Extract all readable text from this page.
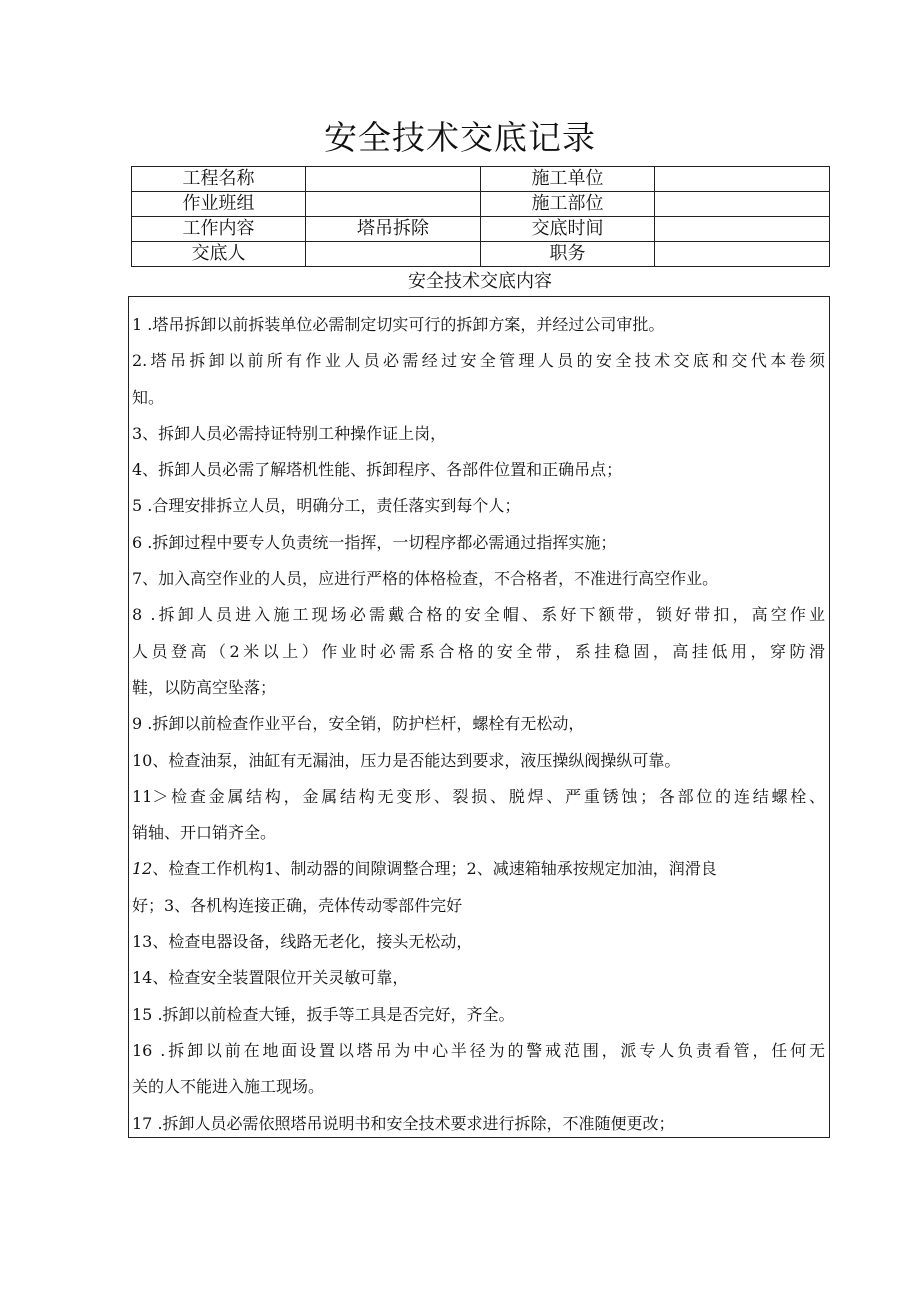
安全技术交底记录
工程名称		施工单位	
作业班组		施工部位	
工作内容	塔吊拆除	交底时间	
交底人		职务	
安全技术交底内容
1 .塔吊拆卸以前拆装单位必需制定切实可行的拆卸方案，并经过公司审批。
2.塔吊拆卸以前所有作业人员必需经过安全管理人员的安全技术交底和交代本卷须
知。
3、拆卸人员必需持证特别工种操作证上岗，
4、拆卸人员必需了解塔机性能、拆卸程序、各部件位置和正确吊点；
5 .合理安排拆立人员，明确分工，责任落实到每个人；
6 .拆卸过程中要专人负责统一指挥，一切程序都必需通过指挥实施；
7、加入高空作业的人员，应进行严格的体格检查，不合格者，不准进行高空作业。
8 .拆卸人员进入施工现场必需戴合格的安全帽、系好下额带，锁好带扣，高空作业
人员登高（2米以上）作业时必需系合格的安全带，系挂稳固，高挂低用，穿防滑
鞋，以防高空坠落；
9 .拆卸以前检查作业平台，安全销，防护栏杆，螺栓有无松动，
10、检查油泵，油缸有无漏油，压力是否能达到要求，液压操纵阀操纵可靠。
11＞检查金属结构，金属结构无变形、裂损、脱焊、严重锈蚀；各部位的连结螺栓、
销轴、开口销齐全。
12、检查工作机构1、制动器的间隙调整合理；2、减速箱轴承按规定加油，润滑良
好；3、各机构连接正确，壳体传动零部件完好
13、检查电器设备，线路无老化，接头无松动，
14、检查安全装置限位开关灵敏可靠，
15 .拆卸以前检查大锤，扳手等工具是否完好，齐全。
16 .拆卸以前在地面设置以塔吊为中心半径为的警戒范围，派专人负责看管，任何无
关的人不能进入施工现场。
17 .拆卸人员必需依照塔吊说明书和安全技术要求进行拆除，不准随便更改；
